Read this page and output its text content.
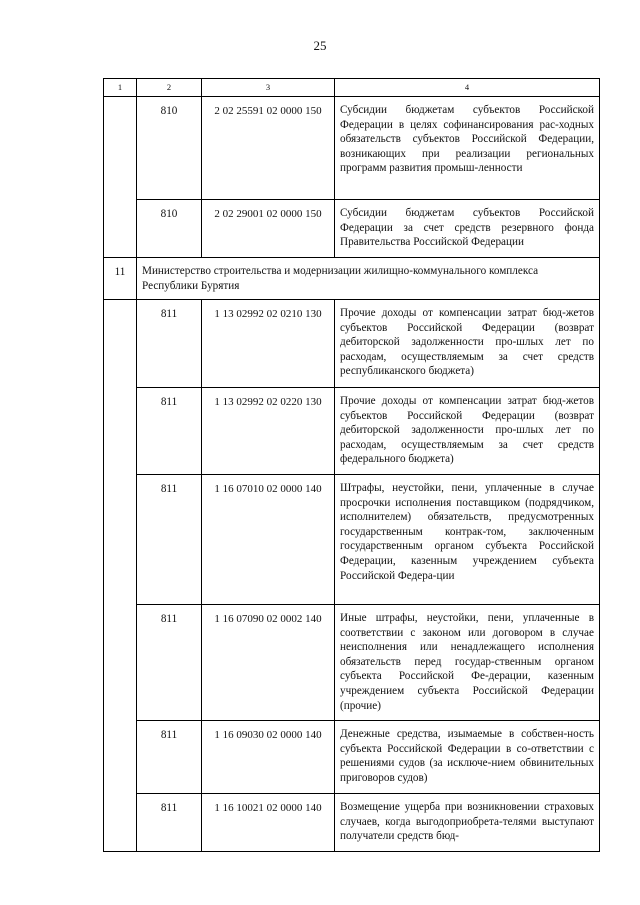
25
1	2	3	4
	810	2 02 25591 02 0000 150	Субсидии бюджетам субъектов Российской Федерации в целях софинансирования рас-ходных обязательств субъектов Российской Федерации, возникающих при реализации региональных программ развития промыш-ленности
	810	2 02 29001 02 0000 150	Субсидии бюджетам субъектов Российской Федерации за счет средств резервного фонда Правительства Российской Федерации
11	Министерство строительства и модернизации жилищно-коммунального комплекса Республики Бурятия		
	811	1 13 02992 02 0210 130	Прочие доходы от компенсации затрат бюд-жетов субъектов Российской Федерации (возврат дебиторской задолженности про-шлых лет по расходам, осуществляемым за счет средств республиканского бюджета)
	811	1 13 02992 02 0220 130	Прочие доходы от компенсации затрат бюд-жетов субъектов Российской Федерации (возврат дебиторской задолженности про-шлых лет по расходам, осуществляемым за счет средств федерального бюджета)
	811	1 16 07010 02 0000 140	Штрафы, неустойки, пени, уплаченные в случае просрочки исполнения поставщиком (подрядчиком, исполнителем) обязательств, предусмотренных государственным контрак-том, заключенным государственным органом субъекта Российской Федерации, казенным учреждением субъекта Российской Федера-ции
	811	1 16 07090 02 0002 140	Иные штрафы, неустойки, пени, уплаченные в соответствии с законом или договором в случае неисполнения или ненадлежащего исполнения обязательств перед государ-ственным органом субъекта Российской Фе-дерации, казенным учреждением субъекта Российской Федерации (прочие)
	811	1 16 09030 02 0000 140	Денежные средства, изымаемые в собствен-ность субъекта Российской Федерации в со-ответствии с решениями судов (за исключе-нием обвинительных приговоров судов)
	811	1 16 10021 02 0000 140	Возмещение ущерба при возникновении страховых случаев, когда выгодоприобрета-телями выступают получатели средств бюд-
